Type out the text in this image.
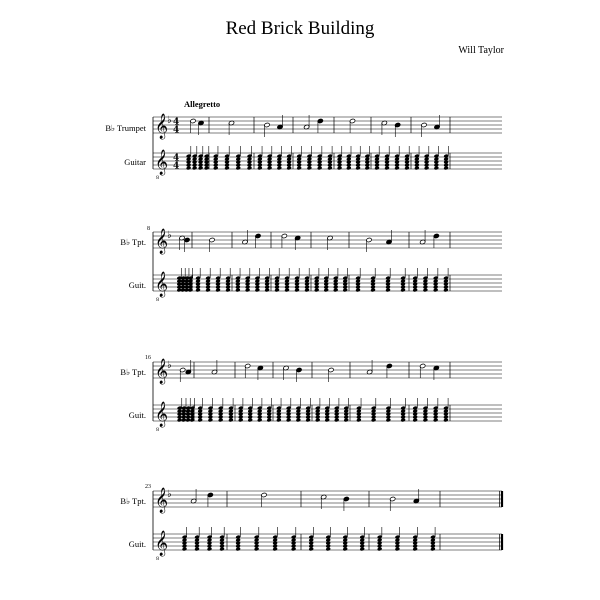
Red Brick Building
Will Taylor
Allegretto
B♭ Trumpet
Guitar
B♭ Tpt.
Guit.
B♭ Tpt.
Guit.
B♭ Tpt.
Guit.
8
16
23
𝄞
𝄞
8
♭ 4
4
4
4
𝄞
𝄞
8
♭
𝄞
𝄞
8
♭
𝄞
𝄞
8
♭
